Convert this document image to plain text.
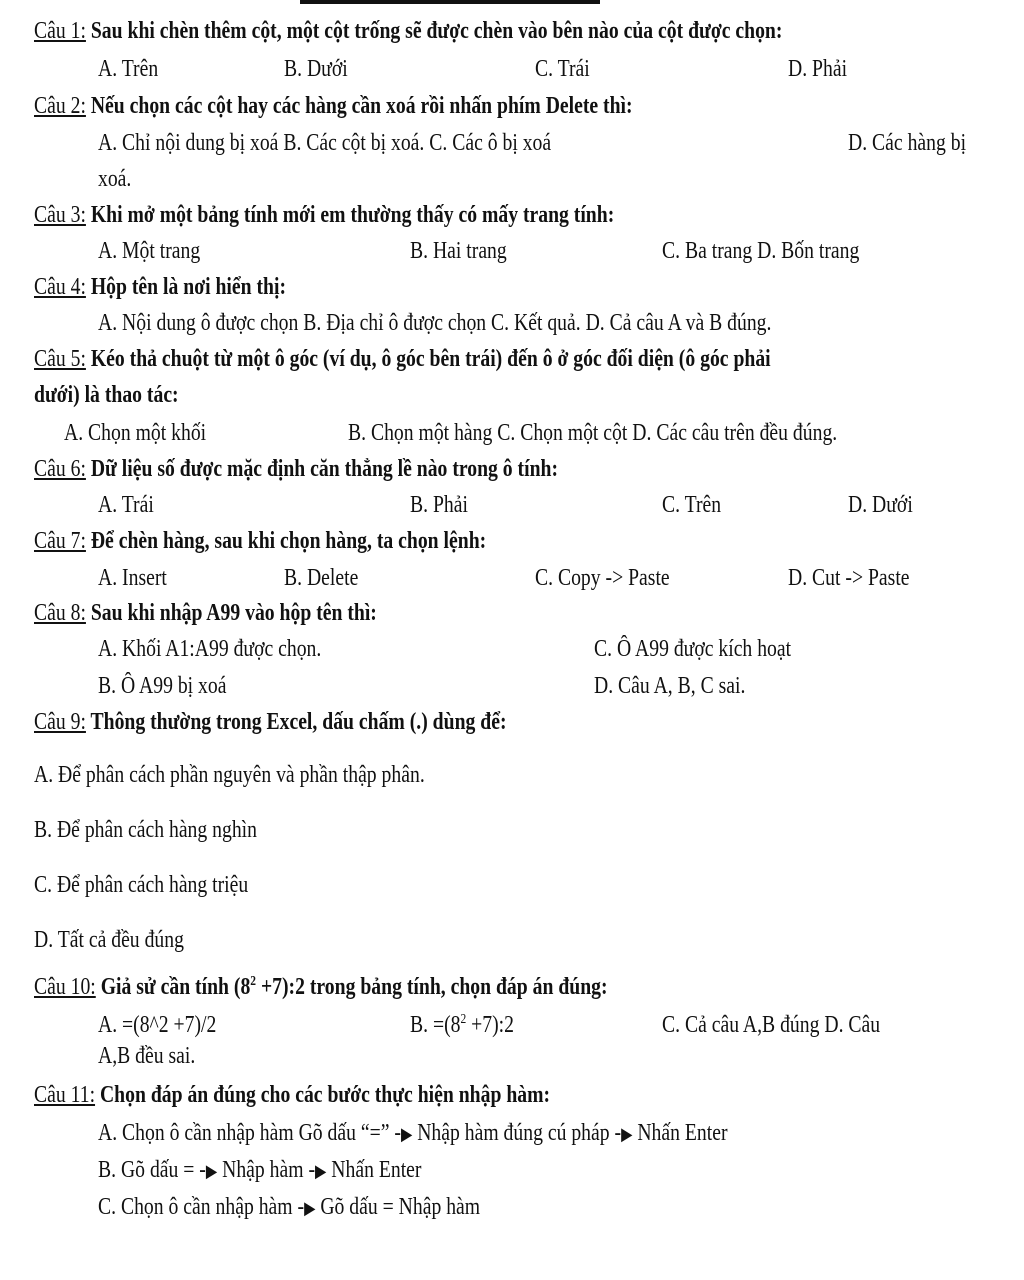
Câu 1: Sau khi chèn thêm cột, một cột trống sẽ được chèn vào bên nào của cột được chọn:
A. Trên	B. Dưới	C. Trái	D. Phải
Câu 2: Nếu chọn các cột hay các hàng cần xoá rồi nhấn phím Delete thì:
A. Chỉ nội dung bị xoá B. Các cột bị xoá. C. Các ô bị xoá	D. Các hàng bị
xoá.
Câu 3: Khi mở một bảng tính mới em thường thấy có mấy trang tính:
A. Một trang	B. Hai trang	C. Ba trang D. Bốn trang
Câu 4: Hộp tên là nơi hiển thị:
A. Nội dung ô được chọn B. Địa chỉ ô được chọn C. Kết quả. D. Cả câu A và B đúng.
Câu 5: Kéo thả chuột từ một ô góc (ví dụ, ô góc bên trái) đến ô ở góc đối diện (ô góc phải
dưới) là thao tác:
A. Chọn một khối	B. Chọn một hàng C. Chọn một cột D. Các câu trên đều đúng.
Câu 6: Dữ liệu số được mặc định căn thẳng lề nào trong ô tính:
A. Trái	B. Phải	C. Trên	D. Dưới
Câu 7: Để chèn hàng, sau khi chọn hàng, ta chọn lệnh:
A. Insert	B. Delete	C. Copy -> Paste	D. Cut -> Paste
Câu 8: Sau khi nhập A99 vào hộp tên thì:
A. Khối A1:A99 được chọn.	C. Ô A99 được kích hoạt
B. Ô A99 bị xoá	D. Câu A, B, C sai.
Câu 9: Thông thường trong Excel, dấu chấm (.) dùng để:
A. Để phân cách phần nguyên và phần thập phân.
B. Để phân cách hàng nghìn
C. Để phân cách hàng triệu
D. Tất cả đều đúng
Câu 10: Giả sử cần tính ($8^2$ +7):2 trong bảng tính, chọn đáp án đúng:
A. =(8^2 +7)/2	B. $=(8^2$ +7):2	C. Cả câu A,B đúng D. Câu
A,B đều sai.
Câu 11: Chọn đáp án đúng cho các bước thực hiện nhập hàm:
A. Chọn ô cần nhập hàm Gõ dấu “=” -▶ Nhập hàm đúng cú pháp -▶ Nhấn Enter
B. Gõ dấu = -▶ Nhập hàm -▶ Nhấn Enter
C. Chọn ô cần nhập hàm -▶ Gõ dấu = Nhập hàm
